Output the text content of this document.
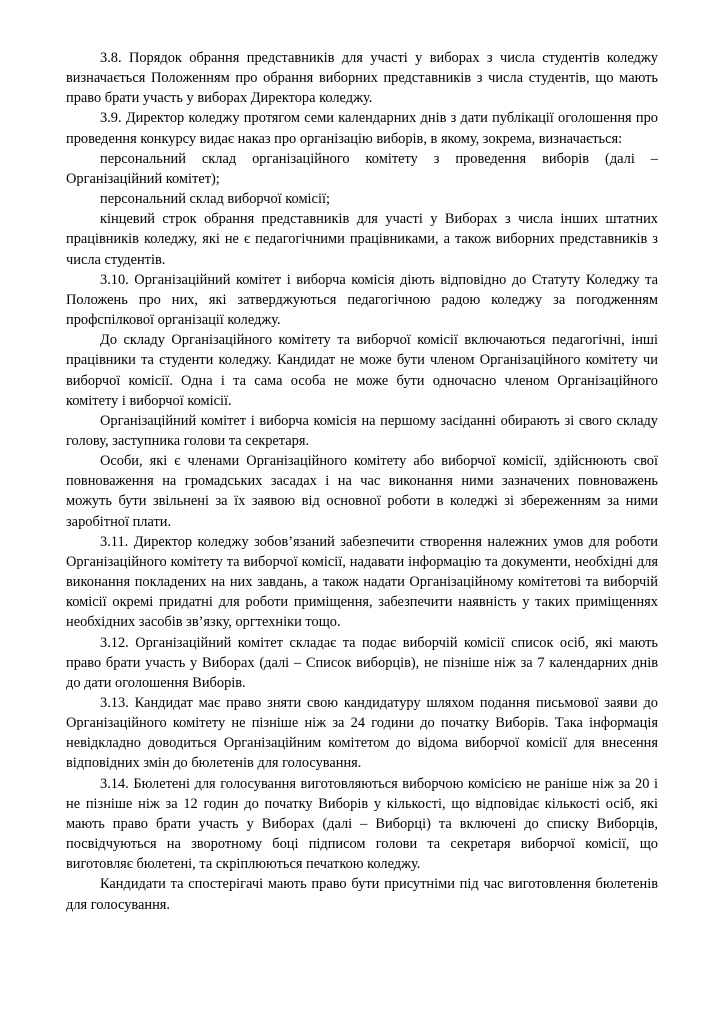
3.8. Порядок обрання представників для участі у виборах з числа студентів коледжу визначається Положенням про обрання виборних представників з числа студентів, що мають право брати участь у виборах Директора коледжу.

3.9. Директор коледжу протягом семи календарних днів з дати публікації оголошення про проведення конкурсу видає наказ про організацію виборів, в якому, зокрема, визначається:

персональний склад організаційного комітету з проведення виборів (далі – Організаційний комітет);

персональний склад виборчої комісії;

кінцевий строк обрання представників для участі у Виборах з числа інших штатних працівників коледжу, які не є педагогічними працівниками, а також виборних представників з числа студентів.

3.10. Організаційний комітет і виборча комісія діють відповідно до Статуту Коледжу та Положень про них, які затверджуються педагогічною радою коледжу за погодженням профспілкової організації коледжу.

До складу Організаційного комітету та виборчої комісії включаються педагогічні, інші працівники та студенти коледжу. Кандидат не може бути членом Організаційного комітету чи виборчої комісії. Одна і та сама особа не може бути одночасно членом Організаційного комітету і виборчої комісії.

Організаційний комітет і виборча комісія на першому засіданні обирають зі свого складу голову, заступника голови та секретаря.

Особи, які є членами Організаційного комітету або виборчої комісії, здійснюють свої повноваження на громадських засадах і на час виконання ними зазначених повноважень можуть бути звільнені за їх заявою від основної роботи в коледжі зі збереженням за ними заробітної плати.

3.11. Директор коледжу зобов’язаний забезпечити створення належних умов для роботи Організаційного комітету та виборчої комісії, надавати інформацію та документи, необхідні для виконання покладених на них завдань, а також надати Організаційному комітетові та виборчій комісії окремі придатні для роботи приміщення, забезпечити наявність у таких приміщеннях необхідних засобів зв’язку, оргтехніки тощо.

3.12. Організаційний комітет складає та подає виборчій комісії список осіб, які мають право брати участь у Виборах (далі – Список виборців), не пізніше ніж за 7 календарних днів до дати оголошення Виборів.

3.13. Кандидат має право зняти свою кандидатуру шляхом подання письмової заяви до Організаційного комітету не пізніше ніж за 24 години до початку Виборів. Така інформація невідкладно доводиться Організаційним комітетом до відома виборчої комісії для внесення відповідних змін до бюлетенів для голосування.

3.14. Бюлетені для голосування виготовляються виборчою комісією не раніше ніж за 20 і не пізніше ніж за 12 годин до початку Виборів у кількості, що відповідає кількості осіб, які мають право брати участь у Виборах (далі – Виборці) та включені до списку Виборців, посвідчуються на зворотному боці підписом голови та секретаря виборчої комісії, що виготовляє бюлетені, та скріплюються печаткою коледжу.

Кандидати та спостерігачі мають право бути присутніми під час виготовлення бюлетенів для голосування.
